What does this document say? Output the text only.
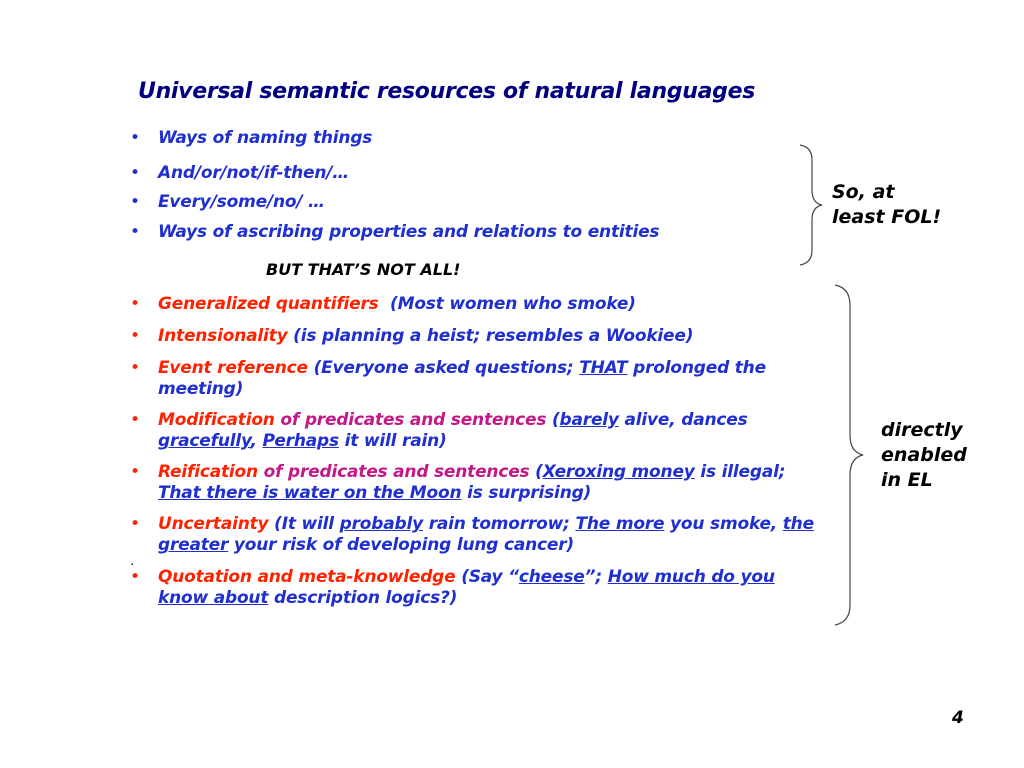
Universal semantic resources of natural languages
• Ways of naming things
• And/or/not/if-then/…
• Every/some/no/ …
• Ways of ascribing properties and relations to entities
BUT THAT’S NOT ALL!
• Generalized quantifiers (Most women who smoke)
• Intensionality (is planning a heist; resembles a Wookiee)
• Event reference (Everyone asked questions; THAT prolonged the meeting)
• Modification of predicates and sentences (barely alive, dances gracefully, Perhaps it will rain)
• Reification of predicates and sentences (Xeroxing money is illegal; That there is water on the Moon is surprising)
• Uncertainty (It will probably rain tomorrow; The more you smoke, the greater your risk of developing lung cancer)
.
• Quotation and meta-knowledge (Say “cheese”; How much do you know about description logics?)
So, at
least FOL!
directly
enabled
in EL
4
